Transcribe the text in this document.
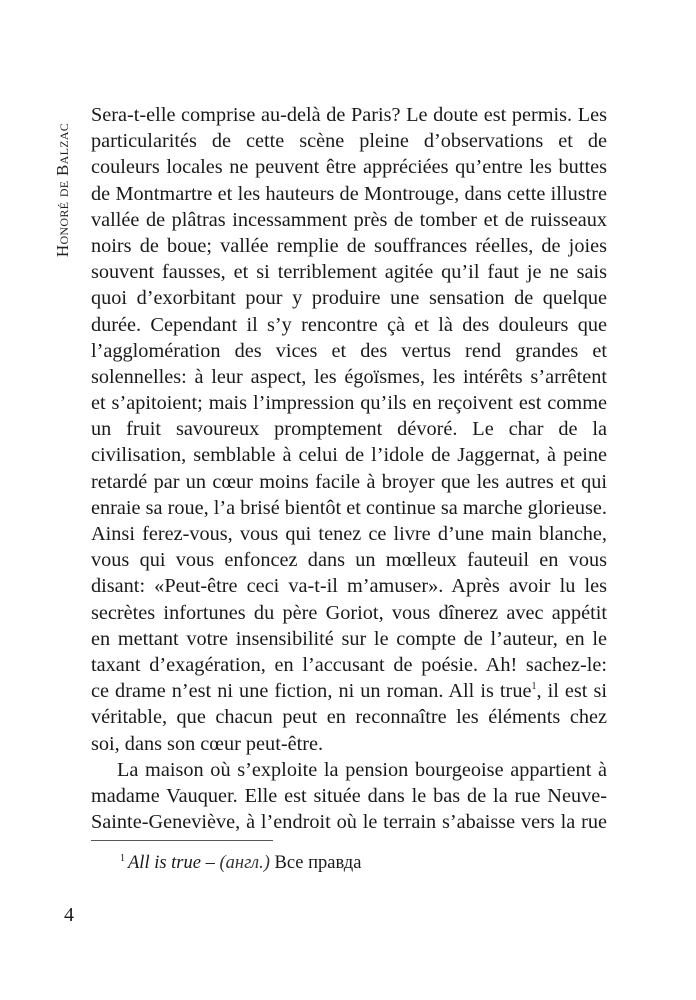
Honoré de Balzac
Sera-t-elle comprise au-delà de Paris? Le doute est permis. Les
particularités de cette scène pleine d’observations et de
couleurs locales ne peuvent être appréciées qu’entre les buttes
de Montmartre et les hauteurs de Montrouge, dans cette illustre
vallée de plâtras incessamment près de tomber et de ruisseaux
noirs de boue; vallée remplie de souffrances réelles, de joies
souvent fausses, et si terriblement agitée qu’il faut je ne sais
quoi d’exorbitant pour y produire une sensation de quelque
durée. Cependant il s’y rencontre çà et là des douleurs que
l’agglomération des vices et des vertus rend grandes et
solennelles: à leur aspect, les égoïsmes, les intérêts s’arrêtent
et s’apitoient; mais l’impression qu’ils en reçoivent est comme
un fruit savoureux promptement dévoré. Le char de la
civilisation, semblable à celui de l’idole de Jaggernat, à peine
retardé par un cœur moins facile à broyer que les autres et qui
enraie sa roue, l’a brisé bientôt et continue sa marche glorieuse.
Ainsi ferez-vous, vous qui tenez ce livre d’une main blanche,
vous qui vous enfoncez dans un mœlleux fauteuil en vous
disant: «Peut-être ceci va-t-il m’amuser». Après avoir lu les
secrètes infortunes du père Goriot, vous dînerez avec appétit
en mettant votre insensibilité sur le compte de l’auteur, en le
taxant d’exagération, en l’accusant de poésie. Ah! sachez-le:
ce drame n’est ni une fiction, ni un roman. All is true$^1$, il est si
véritable, que chacun peut en reconnaître les éléments chez
soi, dans son cœur peut-être.
La maison où s’exploite la pension bourgeoise appartient à
madame Vauquer. Elle est située dans le bas de la rue Neuve-
Sainte-Geneviève, à l’endroit où le terrain s’abaisse vers la rue
$^1$ All is true – (англ.) Все правда
4
